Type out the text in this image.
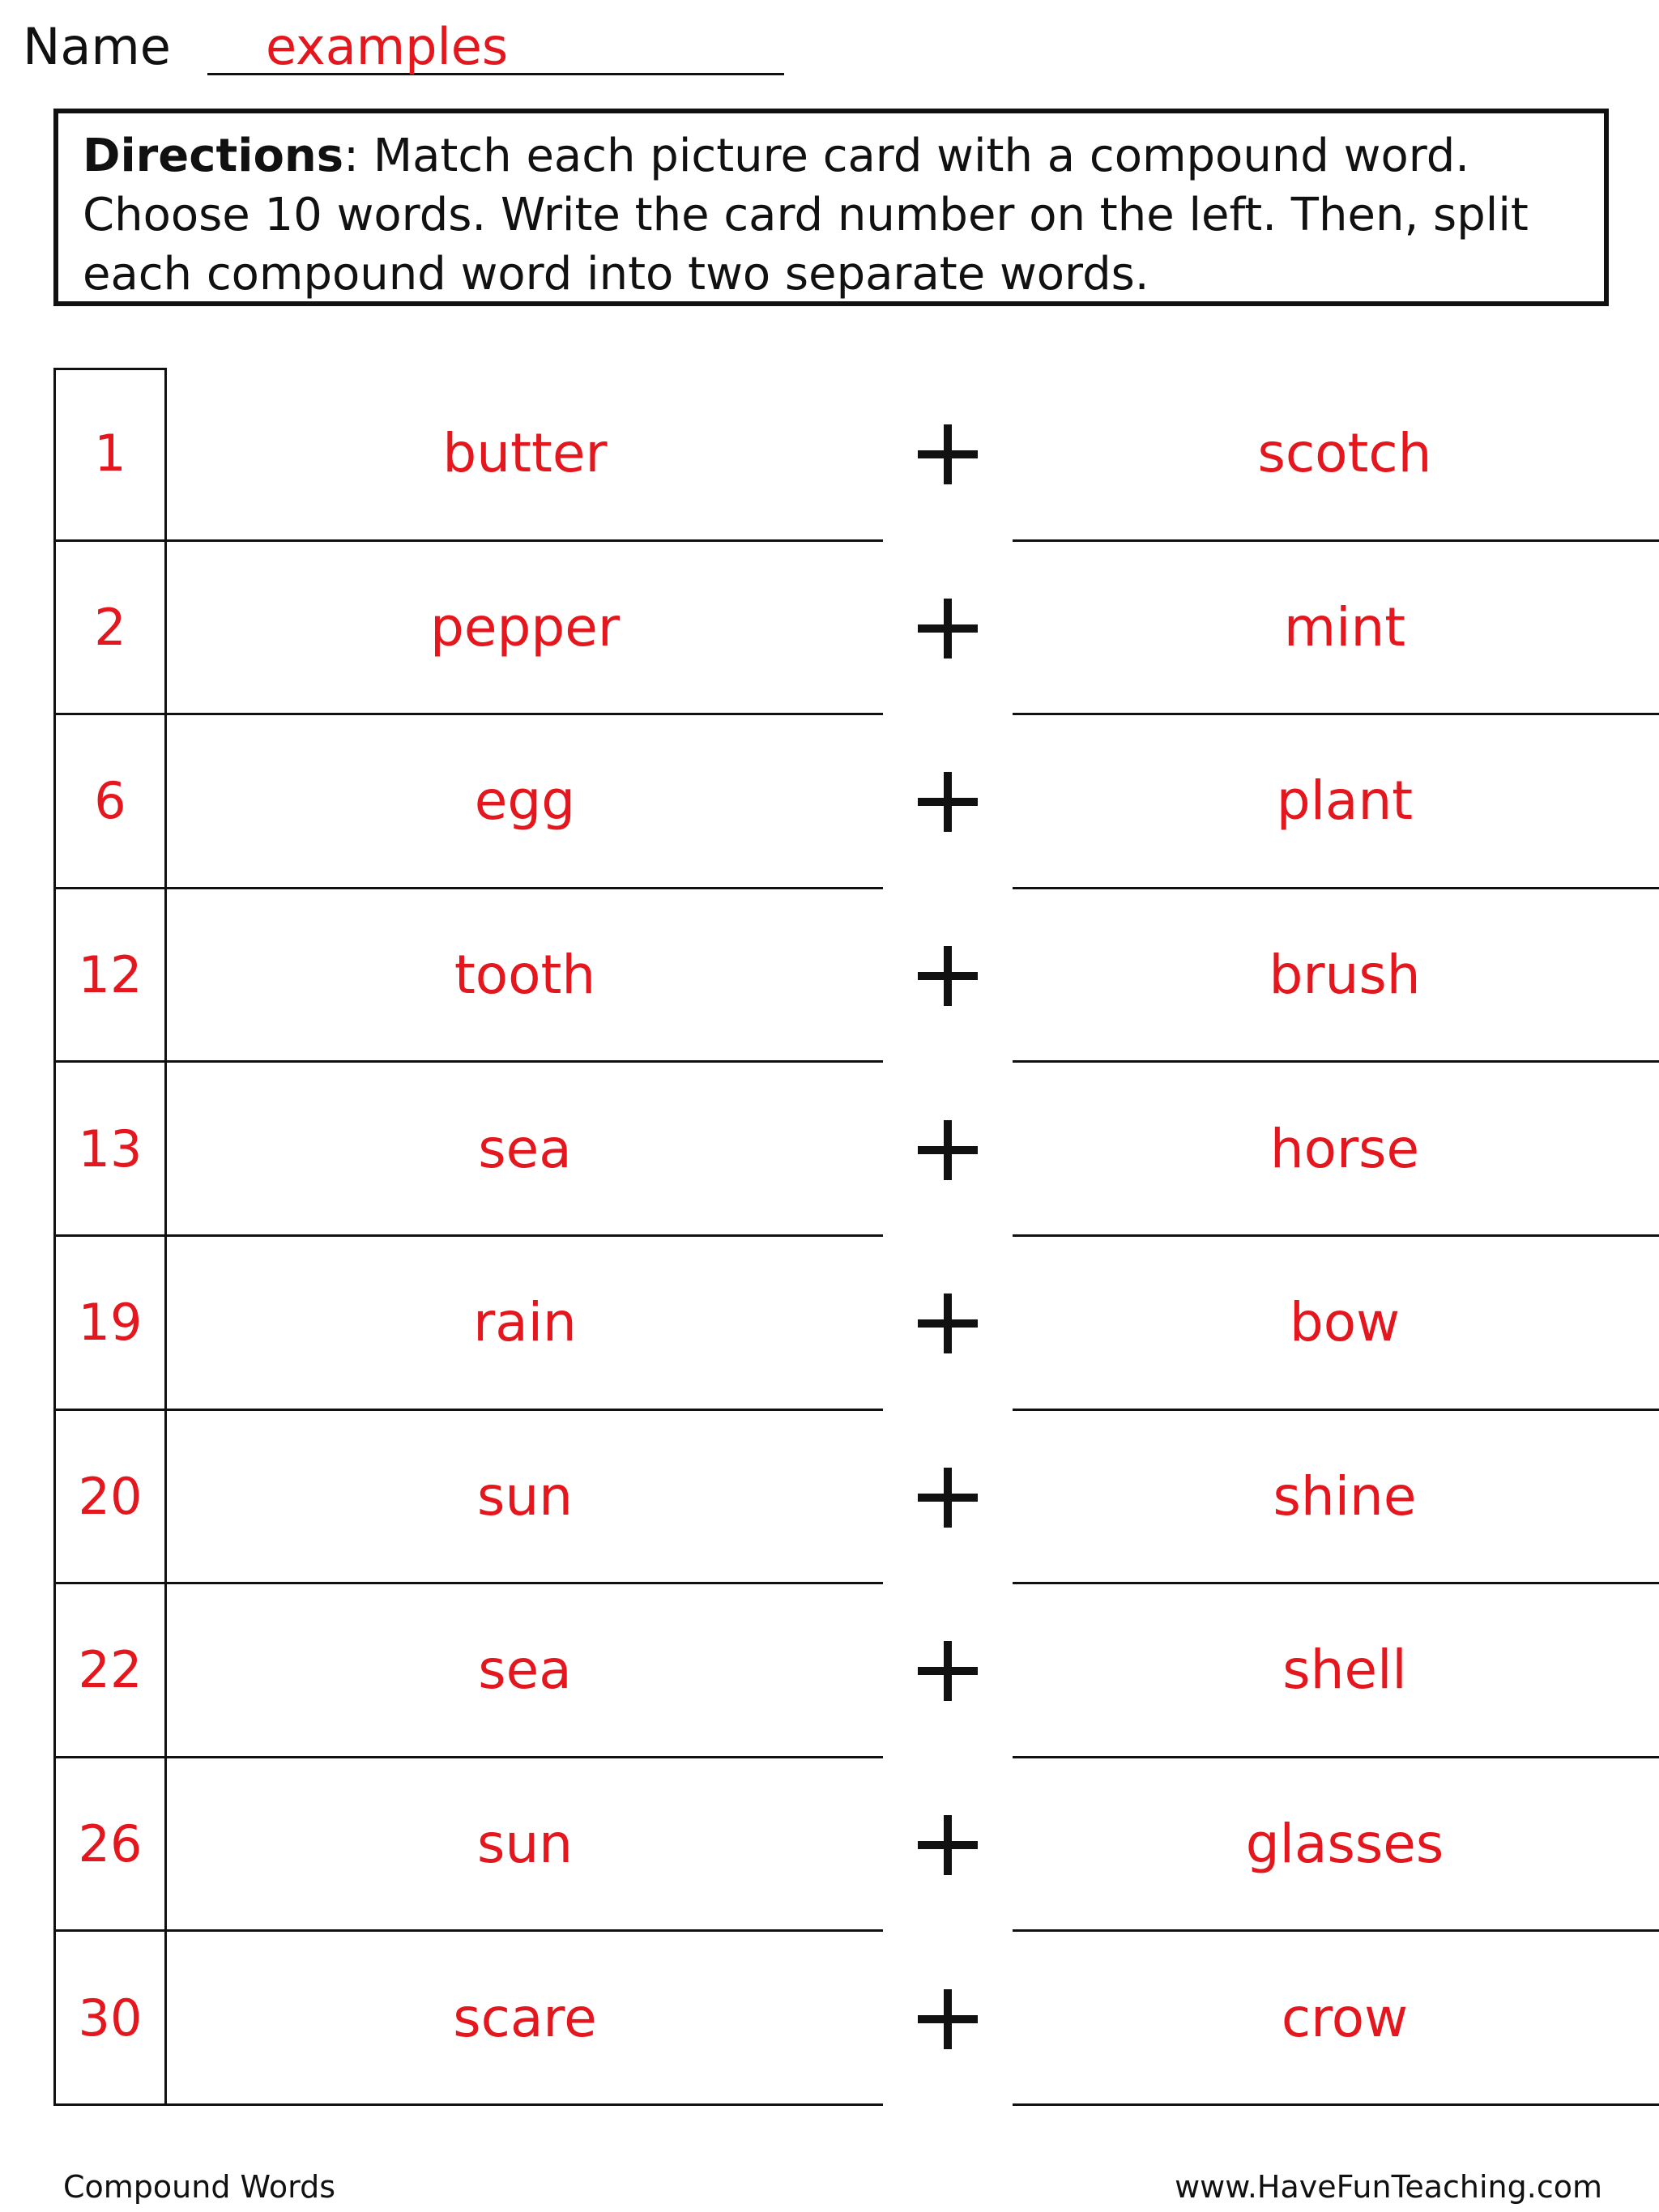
Name examples
Directions: Match each picture card with a compound word. Choose 10 words. Write the card number on the left. Then, split each compound word into two separate words.
1	butter	scotch
2	pepper	mint
6	egg	plant
12	tooth	brush
13	sea	horse
19	rain	bow
20	sun	shine
22	sea	shell
26	sun	glasses
30	scare	crow
Compound Words	www.HaveFunTeaching.com
